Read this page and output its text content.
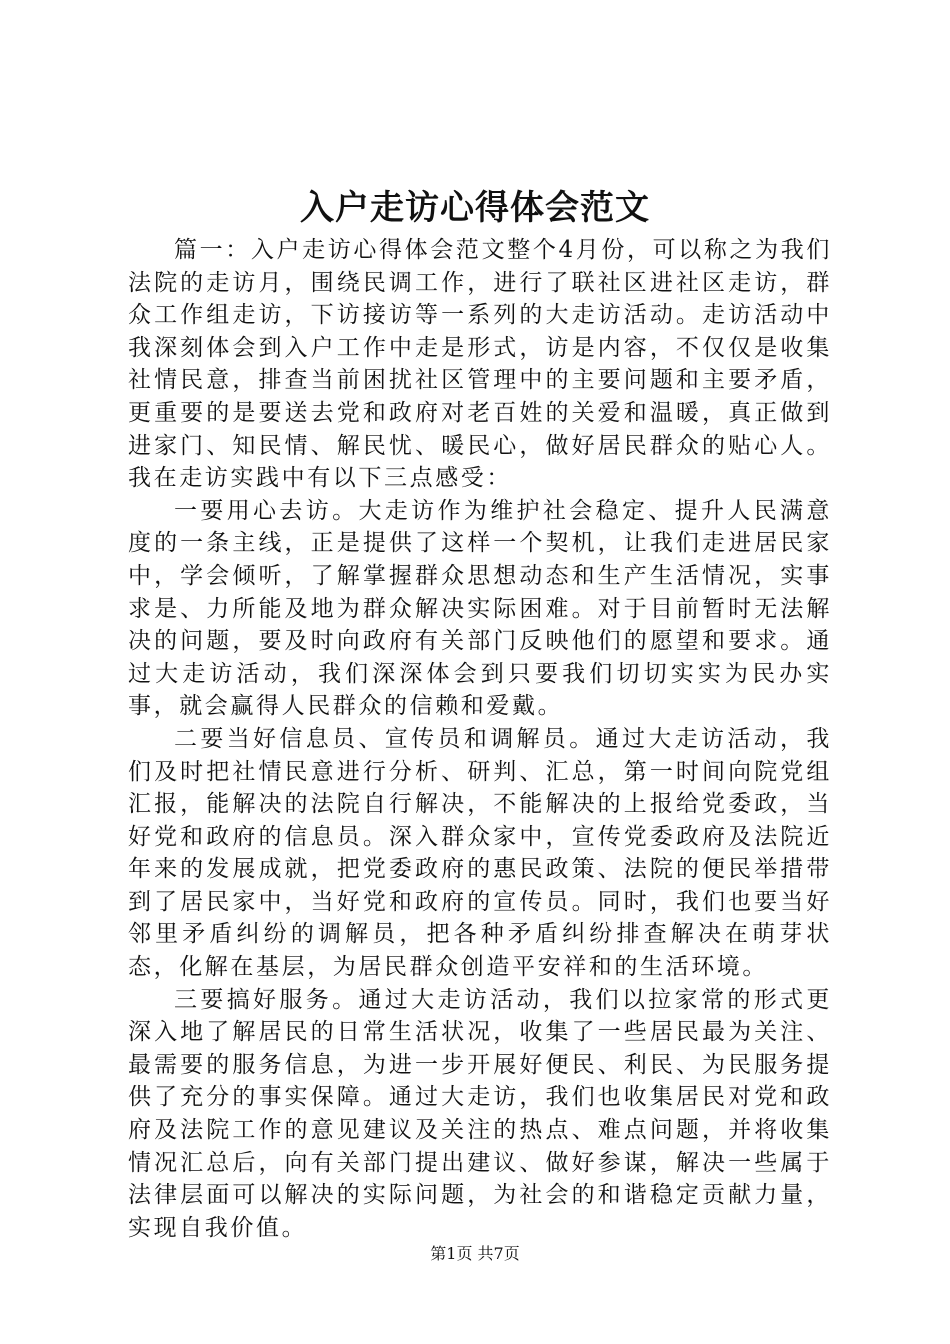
入户走访心得体会范文

篇一：入户走访心得体会范文整个4月份，可以称之为我们法院的走访月，围绕民调工作，进行了联社区进社区走访，群众工作组走访，下访接访等一系列的大走访活动。走访活动中我深刻体会到入户工作中走是形式，访是内容，不仅仅是收集社情民意，排查当前困扰社区管理中的主要问题和主要矛盾，更重要的是要送去党和政府对老百姓的关爱和温暖，真正做到进家门、知民情、解民忧、暖民心，做好居民群众的贴心人。我在走访实践中有以下三点感受：

一要用心去访。大走访作为维护社会稳定、提升人民满意度的一条主线，正是提供了这样一个契机，让我们走进居民家中，学会倾听，了解掌握群众思想动态和生产生活情况，实事求是、力所能及地为群众解决实际困难。对于目前暂时无法解决的问题，要及时向政府有关部门反映他们的愿望和要求。通过大走访活动，我们深深体会到只要我们切切实实为民办实事，就会赢得人民群众的信赖和爱戴。

二要当好信息员、宣传员和调解员。通过大走访活动，我们及时把社情民意进行分析、研判、汇总，第一时间向院党组汇报，能解决的法院自行解决，不能解决的上报给党委政，当好党和政府的信息员。深入群众家中，宣传党委政府及法院近年来的发展成就，把党委政府的惠民政策、法院的便民举措带到了居民家中，当好党和政府的宣传员。同时，我们也要当好邻里矛盾纠纷的调解员，把各种矛盾纠纷排查解决在萌芽状态，化解在基层，为居民群众创造平安祥和的生活环境。

三要搞好服务。通过大走访活动，我们以拉家常的形式更深入地了解居民的日常生活状况，收集了一些居民最为关注、最需要的服务信息，为进一步开展好便民、利民、为民服务提供了充分的事实保障。通过大走访，我们也收集居民对党和政府及法院工作的意见建议及关注的热点、难点问题，并将收集情况汇总后，向有关部门提出建议、做好参谋，解决一些属于法律层面可以解决的实际问题，为社会的和谐稳定贡献力量，实现自我价值。

第1页 共7页
